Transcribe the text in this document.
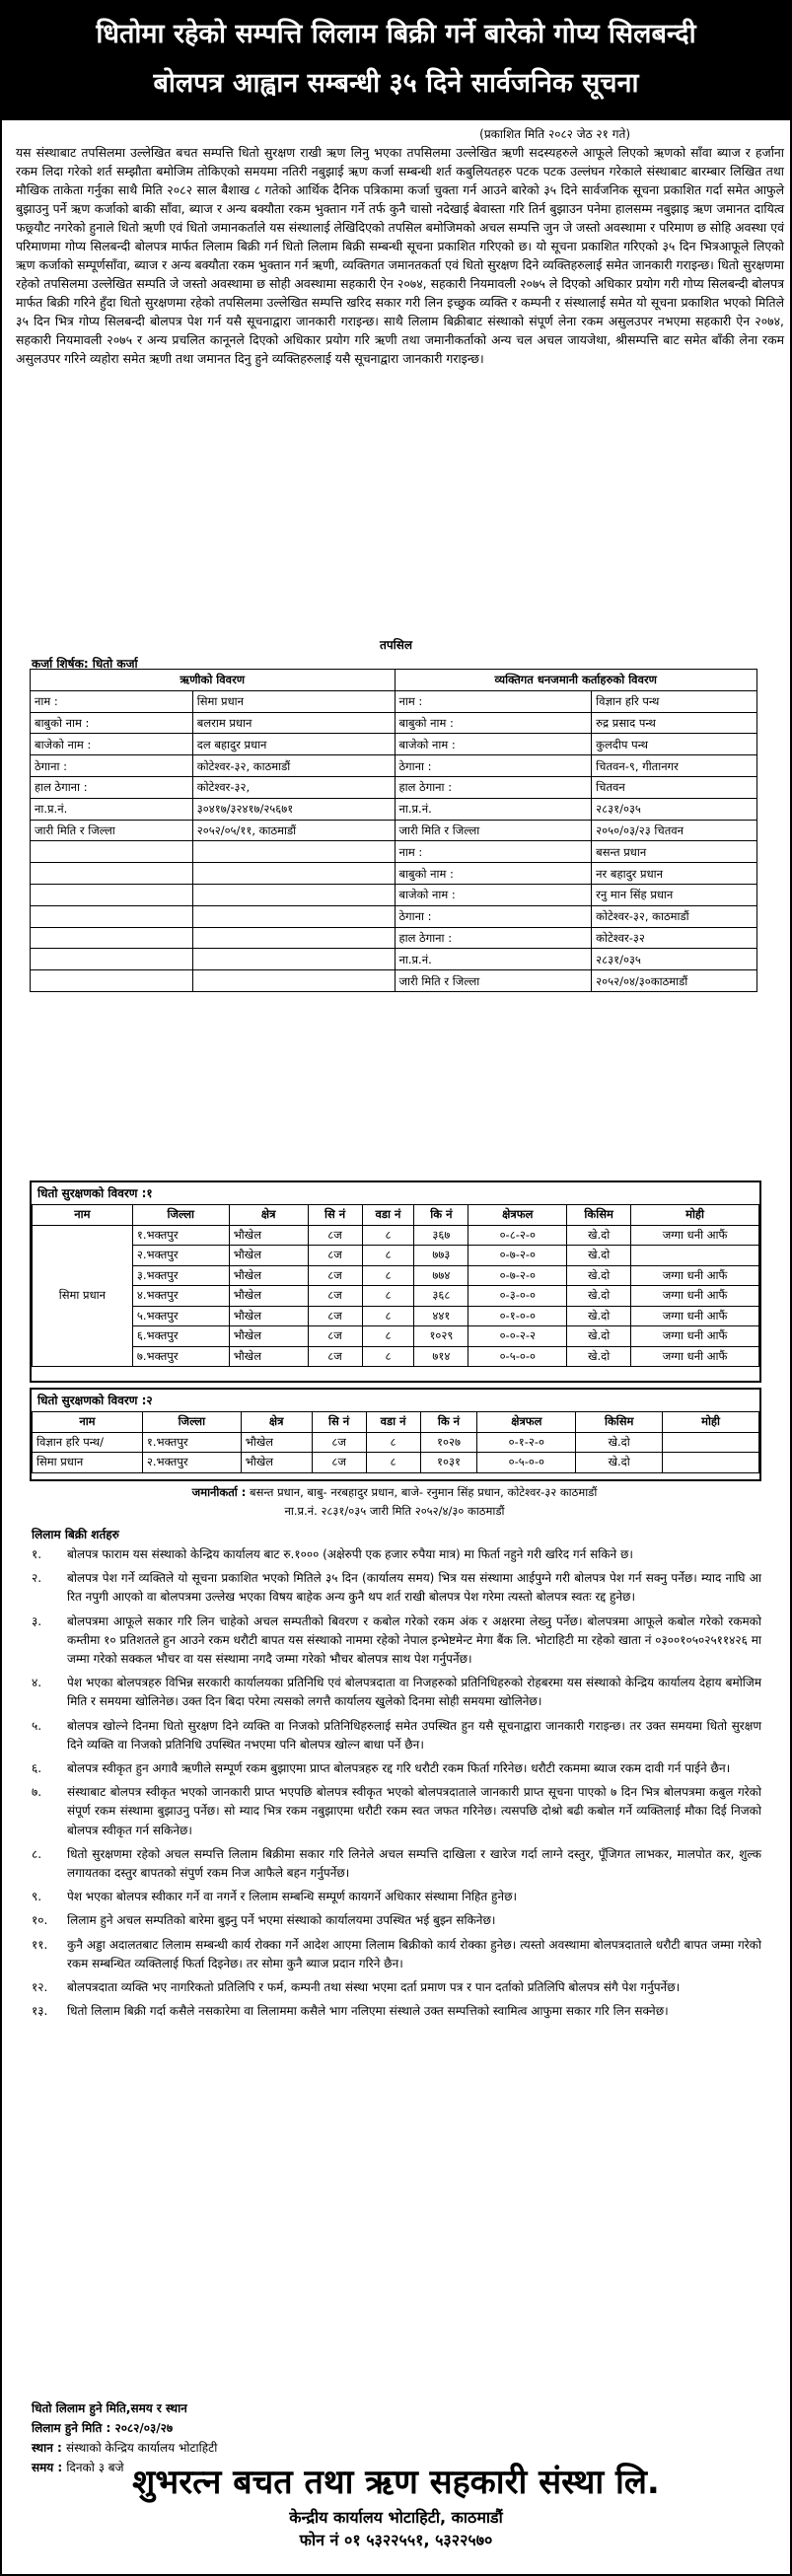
धितोमा रहेको सम्पत्ति लिलाम बिक्री गर्ने बारेको गोप्य सिलबन्दी
बोलपत्र आह्वान सम्बन्धी ३५ दिने सार्वजनिक सूचना
(प्रकाशित मिति २०८२ जेठ २१ गते)
यस संस्थाबाट तपसिलमा उल्लेखित बचत सम्पत्ति धितो सुरक्षण राखी ऋण लिनु भएका तपसिलमा उल्लेखित ऋणी सदस्यहरुले आफूले लिएको ऋणको साँवा ब्याज र हर्जाना रकम लिदा गरेको शर्त सम्झौता बमोजिम तोकिएको समयमा नतिरी नबुझाई ऋण कर्जा सम्बन्धी शर्त कबुलियतहरु पटक पटक उल्लंघन गरेकाले संस्थाबाट बारम्बार लिखित तथा मौखिक ताकेता गर्नुका साथै मिति २०८२ साल बैशाख ८ गतेको आर्थिक दैनिक पत्रिकामा कर्जा चुक्ता गर्न आउने बारेको ३५ दिने सार्वजनिक सूचना प्रकाशित गर्दा समेत आफुले बुझाउनु पर्ने ऋण कर्जाको बाकी साँवा, ब्याज र अन्य बक्यौता रकम भुक्तान गर्ने तर्फ कुनै चासो नदेखाई बेवास्ता गरि तिर्न बुझाउन पनेमा हालसम्म नबुझाइ ऋण जमानत दायित्व फछ्र्यौट नगरेको हुनाले धितो ऋणी एवं धितो जमानकर्ताले यस संस्थालाई लेखिदिएको तपसिल बमोजिमको अचल सम्पत्ति जुन जे जस्तो अवस्थामा र परिमाण छ सोहि अवस्था एवं परिमाणमा गोप्य सिलबन्दी बोलपत्र मार्फत लिलाम बिक्री गर्न धितो लिलाम बिक्री सम्बन्धी सूचना प्रकाशित गरिएको छ। यो सूचना प्रकाशित गरिएको ३५ दिन भित्रआफूले लिएको ऋण कर्जाको सम्पूर्णसाँवा, ब्याज र अन्य बक्यौता रकम भुक्तान गर्न ऋणी, व्यक्तिगत जमानतकर्ता एवं धितो सुरक्षण दिने व्यक्तिहरुलाई समेत जानकारी गराइन्छ। धितो सुरक्षणमा रहेको तपसिलमा उल्लेखित सम्पति जे जस्तो अवस्थामा छ सोही अवस्थामा सहकारी ऐन २०७४, सहकारी नियमावली २०७५ ले दिएको अधिकार प्रयोग गरी गोप्य सिलबन्दी बोलपत्र मार्फत बिक्री गरिने हुँदा धितो सुरक्षणमा रहेको तपसिलमा उल्लेखित सम्पत्ति खरिद सकार गरी लिन इच्छुक व्यक्ति र कम्पनी र संस्थालाई समेत यो सूचना प्रकाशित भएको मितिले ३५ दिन भित्र गोप्य सिलबन्दी बोलपत्र पेश गर्न यसै सूचनाद्वारा जानकारी गराइन्छ। साथै लिलाम बिक्रीबाट संस्थाको संपूर्ण लेना रकम असुलउपर नभएमा सहकारी ऐन २०७४, सहकारी नियमावली २०७५ र अन्य प्रचलित कानूनले दिएको अधिकार प्रयोग गरि ऋणी तथा जमानीकर्ताको अन्य चल अचल जायजेथा, श्रीसम्पत्ति बाट समेत बाँकी लेना रकम असुलउपर गरिने व्यहोरा समेत ऋणी तथा जमानत दिनु हुने व्यक्तिहरुलाई यसै सूचनाद्वारा जानकारी गराइन्छ।
तपसिल
कर्जा शिर्षक: धितो कर्जा
ऋणीको विवरण		व्यक्तिगत धनजमानी कर्ताहरुको विवरण	
नाम :	सिमा प्रधान	नाम :	विज्ञान हरि पन्थ
बाबुको नाम :	बलराम प्रधान	बाबुको नाम :	रुद्र प्रसाद पन्थ
बाजेको नाम :	दल बहादुर प्रधान	बाजेको नाम :	कुलदीप पन्थ
ठेगाना :	कोटेश्वर-३२, काठमाडौं	ठेगाना :	चितवन-९, गीतानगर
हाल ठेगाना :	कोटेश्वर-३२,	हाल ठेगाना :	चितवन
ना.प्र.नं.	३०४१७/३२४१७/२५६७१	ना.प्र.नं.	२८३१/०३५
जारी मिति र जिल्ला	२०५२/०५/११, काठमाडौं	जारी मिति र जिल्ला	२०५०/०३/२३ चितवन
		नाम :	बसन्त प्रधान
		बाबुको नाम :	नर बहादुर प्रधान
		बाजेको नाम :	रनु मान सिंह प्रधान
		ठेगाना :	कोटेश्वर-३२, काठमाडौं
		हाल ठेगाना :	कोटेश्वर-३२
		ना.प्र.नं.	२८३१/०३५
		जारी मिति र जिल्ला	२०५२/०४/३०काठमाडौं
धितो सुरक्षणको विवरण :१
नाम	जिल्ला	क्षेत्र	सि नं	वडा नं	कि नं	क्षेत्रफल	किसिम	मोही
सिमा प्रधान	१.भक्तपुर	भौखेल	८ज	८	३६७	०-८-२-०	खे.दो	जग्गा धनी आफैं
	२.भक्तपुर	भौखेल	८ज	८	७७३	०-७-२-०	खे.दो	
	३.भक्तपुर	भौखेल	८ज	८	७७४	०-७-२-०	खे.दो	जग्गा धनी आफैं
	४.भक्तपुर	भौखेल	८ज	८	३६८	०-३-०-०	खे.दो	जग्गा धनी आफैं
	५.भक्तपुर	भौखेल	८ज	८	४४१	०-१-०-०	खे.दो	जग्गा धनी आफैं
	६.भक्तपुर	भौखेल	८ज	८	१०२९	०-०-२-२	खे.दो	जग्गा धनी आफैं
	७.भक्तपुर	भौखेल	८ज	८	७१४	०-५-०-०	खे.दो	जग्गा धनी आफैं
धितो सुरक्षणको विवरण :२
नाम	जिल्ला	क्षेत्र	सि नं	वडा नं	कि नं	क्षेत्रफल	किसिम	मोही
विज्ञान हरि पन्थ/	१.भक्तपुर	भौखेल	८ज	८	१०२७	०-१-२-०	खे.दो	
सिमा प्रधान	२.भक्तपुर	भौखेल	८ज	८	१०३१	०-५-०-०	खे.दो	
जमानीकर्ता : बसन्त प्रधान, बाबु- नरबहादुर प्रधान, बाजे- रनुमान सिंह प्रधान, कोटेश्वर-३२ काठमाडौं
ना.प्र.नं. २८३१/०३५ जारी मिति २०५२/४/३० काठमाडौं
लिलाम बिक्री शर्तहरु
१.	बोलपत्र फाराम यस संस्थाको केन्द्रिय कार्यालय बाट रु.१००० (अक्षेरुपी एक हजार रुपैया मात्र) मा फिर्ता नहुने गरी खरिद गर्न सकिने छ।
२.	बोलपत्र पेश गर्ने व्यक्तिले यो सूचना प्रकाशित भएको मितिले ३५ दिन (कार्यालय समय) भित्र यस संस्थामा आईपुग्ने गरी बोलपत्र पेश गर्न सक्नु पर्नेछ। म्याद नाघि आ रित नपुगी आएको वा बोलपत्रमा उल्लेख भएका विषय बाहेक अन्य कुनै थप शर्त राखी बोलपत्र पेश गरेमा त्यस्तो बोलपत्र स्वतः रद्द हुनेछ।
३.	बोलपत्रमा आफूले सकार गरि लिन चाहेको अचल सम्पतीको बिवरण र कबोल गरेको रकम अंक र अक्षरमा लेख्नु पर्नेछ। बोलपत्रमा आफूले कबोल गरेको रकमको कम्तीमा १० प्रतिशतले हुन आउने रकम धरौटी बापत यस संस्थाको नाममा रहेको नेपाल इन्भेष्टमेन्ट मेगा बैंक लि. भोटाहिटी मा रहेको खाता नं ०३००१०५०२५११४२६ मा जम्मा गरेको सक्कल भौचर वा यस संस्थामा नगदै जम्मा गरेको भौचर बोलपत्र साथ पेश गर्नुपर्नेछ।
४.	पेश भएका बोलपत्रहरु विभिन्न सरकारी कार्यालयका प्रतिनिधि एवं बोलपत्रदाता वा निजहरुको प्रतिनिधिहरुको रोहबरमा यस संस्थाको केन्द्रिय कार्यालय देहाय बमोजिम मिति र समयमा खोलिनेछ। उक्त दिन बिदा परेमा त्यसको लगत्तै कार्यालय खुलेको दिनमा सोही समयमा खोलिनेछ।
५.	बोलपत्र खोल्ने दिनमा धितो सुरक्षण दिने व्यक्ति वा निजको प्रतिनिधिहरुलाई समेत उपस्थित हुन यसै सूचनाद्वारा जानकारी गराइन्छ। तर उक्त समयमा धितो सुरक्षण दिने व्यक्ति वा निजको प्रतिनिधि उपस्थित नभएमा पनि बोलपत्र खोल्न बाधा पर्ने छैन।
६.	बोलपत्र स्वीकृत हुन अगावै ऋणीले सम्पूर्ण रकम बुझाएमा प्राप्त बोलपत्रहरु रद्द गरि धरौटी रकम फिर्ता गरिनेछ। धरौटी रकममा ब्याज रकम दावी गर्न पाईने छैन।
७.	संस्थाबाट बोलपत्र स्वीकृत भएको जानकारी प्राप्त भएपछि बोलपत्र स्वीकृत भएको बोलपत्रदाताले जानकारी प्राप्त सूचना पाएको ७ दिन भित्र बोलपत्रमा कबुल गरेको संपूर्ण रकम संस्थामा बुझाउनु पर्नेछ। सो म्याद भित्र रकम नबुझाएमा धरौटी रकम स्वत जफत गरिनेछ। त्यसपछि दोश्रो बढी कबोल गर्ने व्यक्तिलाई मौका दिई निजको बोलपत्र स्वीकृत गर्न सकिनेछ।
८.	धितो सुरक्षणमा रहेको अचल सम्पत्ति लिलाम बिक्रीमा सकार गरि लिनेले अचल सम्पत्ति दाखिला र खारेज गर्दा लाग्ने दस्तुर, पूँजिगत लाभकर, मालपोत कर, शुल्क लगायतका दस्तुर बापतको संपुर्ण रकम निज आफैले बहन गर्नुपर्नेछ।
९.	पेश भएका बोलपत्र स्वीकार गर्ने वा नगर्ने र लिलाम सम्बन्धि सम्पूर्ण कायगर्ने अधिकार संस्थामा निहित हुनेछ।
१०.	लिलाम हुने अचल सम्पतिको बारेमा बुझ्नु पर्ने भएमा संस्थाको कार्यालयमा उपस्थित भई बुझ्न सकिनेछ।
११.	कुनै अड्डा अदालतबाट लिलाम सम्बन्धी कार्य रोक्का गर्ने आदेश आएमा लिलाम बिक्रीको कार्य रोक्का हुनेछ। त्यस्तो अवस्थामा बोलपत्रदाताले धरौटी बापत जम्मा गरेको रकम सम्बन्धित व्यक्तिलाई फिर्ता दिइनेछ। तर सोमा कुनै ब्याज प्रदान गरिने छैन।
१२.	बोलपत्रदाता व्यक्ति भए नागरिकतो प्रतिलिपि र फर्म, कम्पनी तथा संस्था भएमा दर्ता प्रमाण पत्र र पान दर्ताको प्रतिलिपि बोलपत्र संगै पेश गर्नुपर्नेछ।
१३.	धितो लिलाम बिक्री गर्दा कसैले नसकारेमा वा लिलाममा कसैले भाग नलिएमा संस्थाले उक्त सम्पत्तिको स्वामित्व आफुमा सकार गरि लिन सक्नेछ।
धितो लिलाम हुने मिति,समय र स्थान
लिलाम हुने मिति : २०८२/०३/२७
स्थान : संस्थाको केन्द्रिय कार्यालय भोटाहिटी
समय : दिनको ३ बजे शुभरत्न बचत तथा ऋण सहकारी संस्था लि.
केन्द्रीय कार्यालय भोटाहिटी, काठमाडौं
फोन नं ०१ ५३२२५५१, ५३२२५७०
